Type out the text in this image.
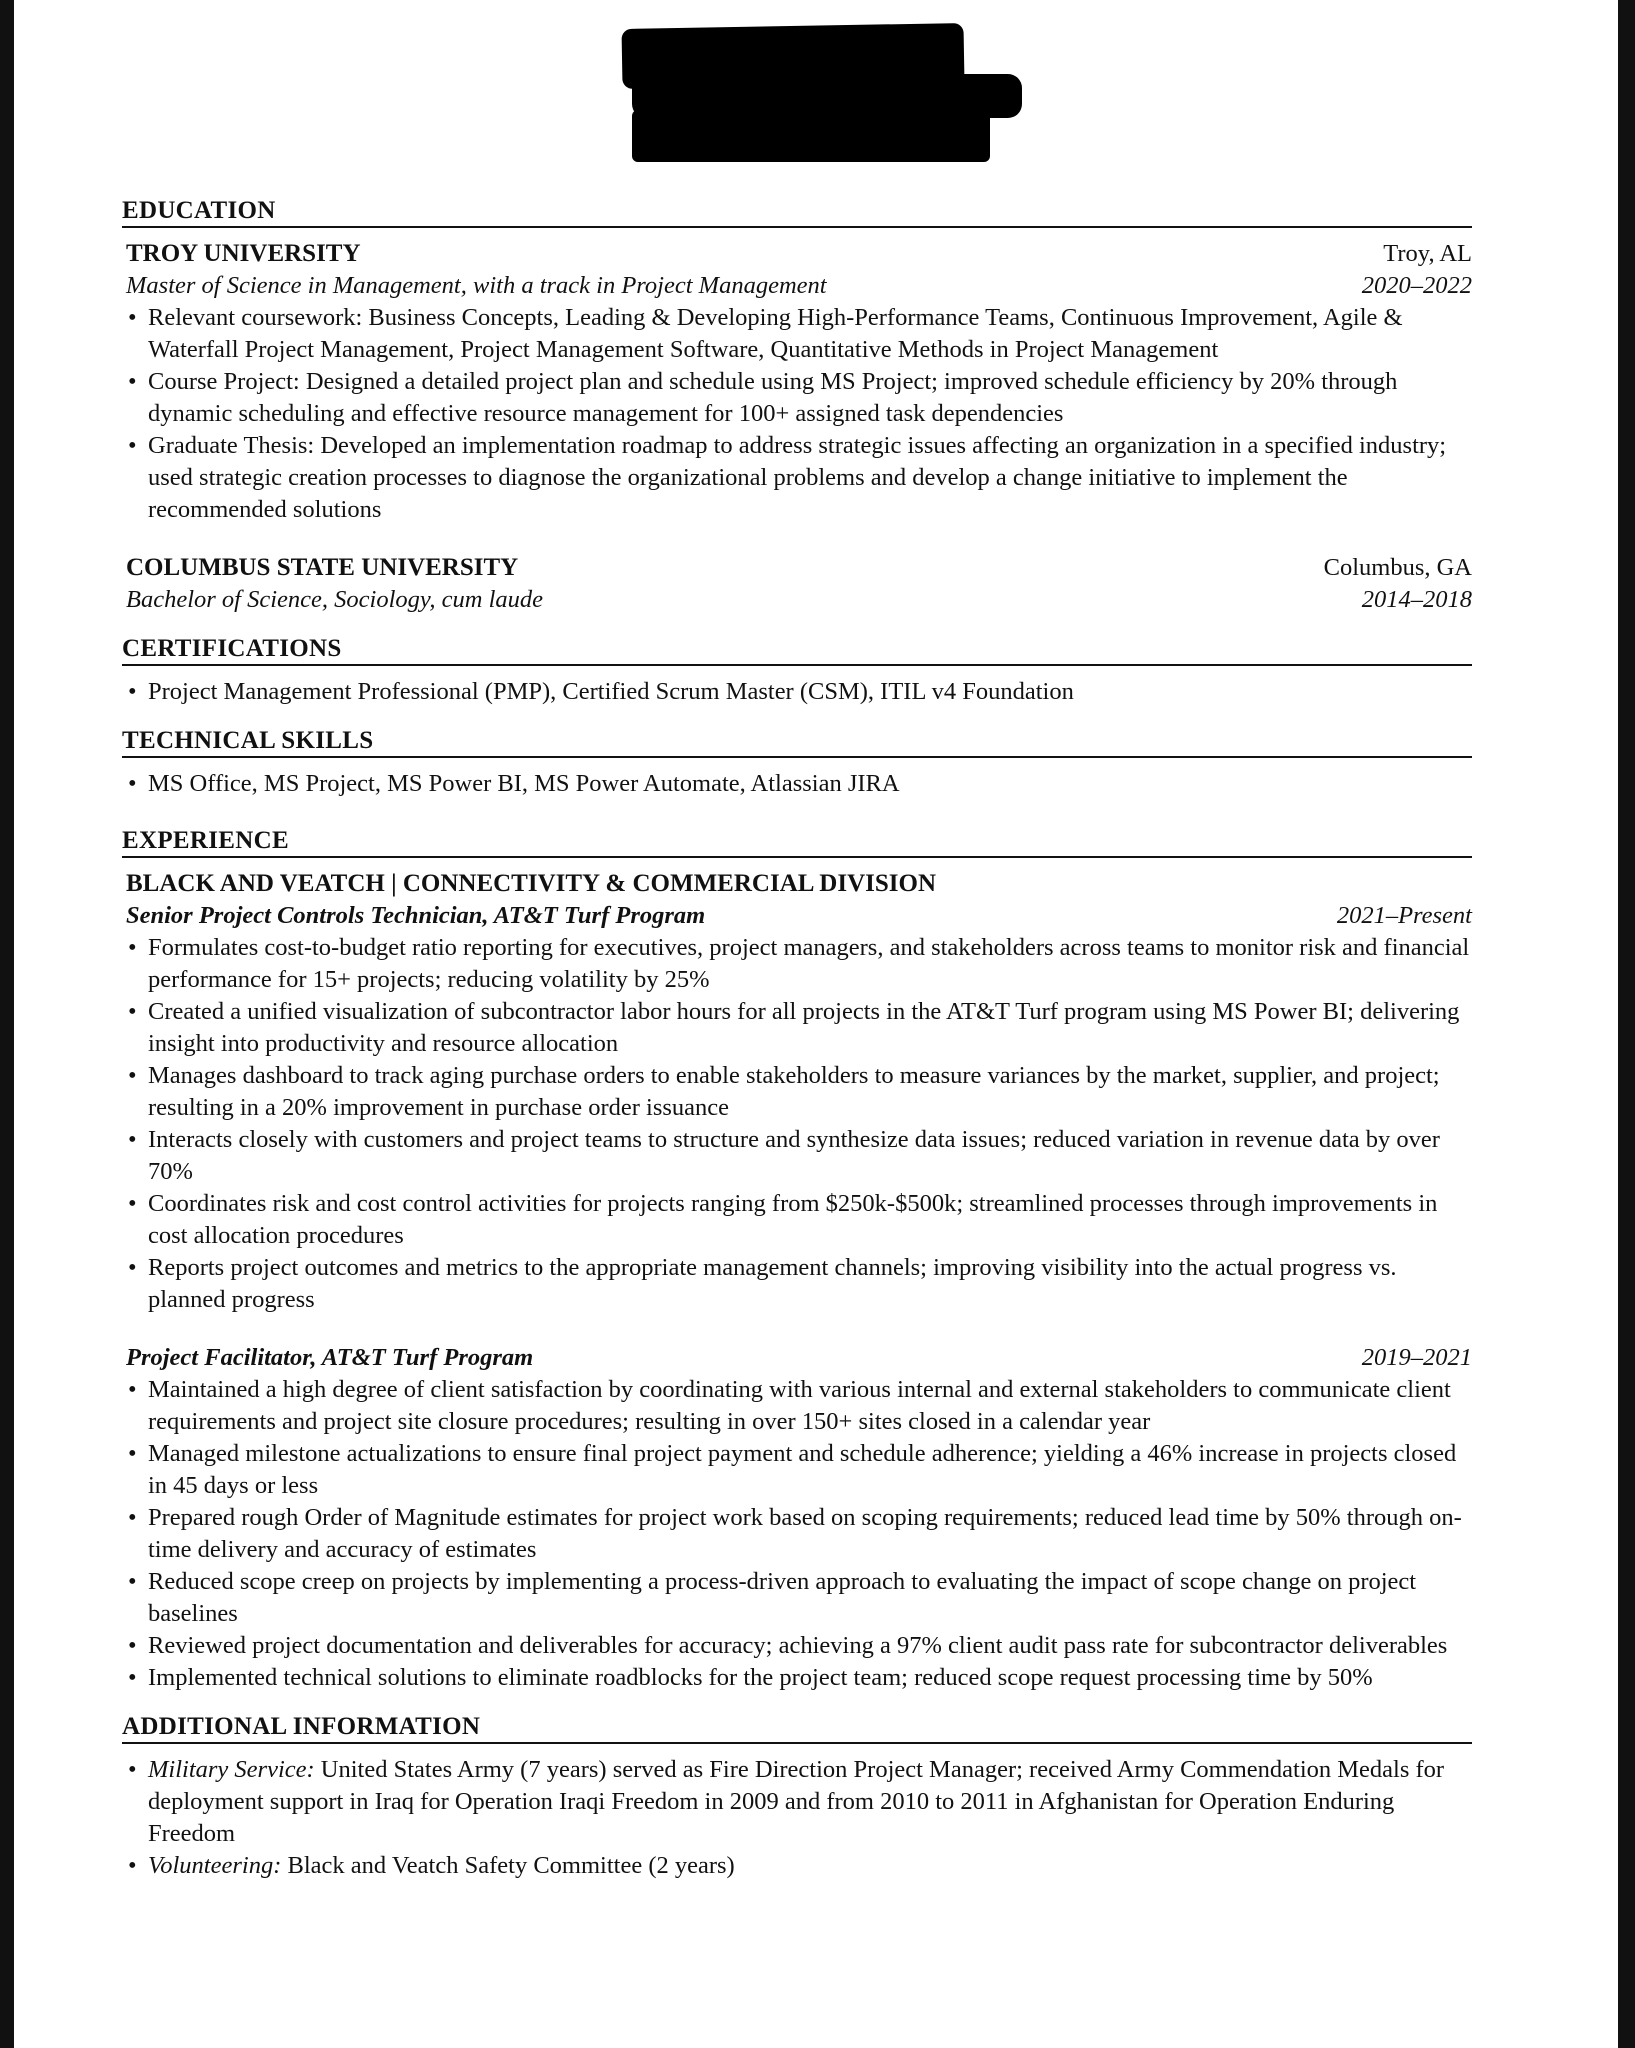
EDUCATION
TROY UNIVERSITY	Troy, AL
Master of Science in Management, with a track in Project Management	2020–2022
• Relevant coursework: Business Concepts, Leading & Developing High-Performance Teams, Continuous Improvement, Agile & Waterfall Project Management, Project Management Software, Quantitative Methods in Project Management
• Course Project: Designed a detailed project plan and schedule using MS Project; improved schedule efficiency by 20% through dynamic scheduling and effective resource management for 100+ assigned task dependencies
• Graduate Thesis: Developed an implementation roadmap to address strategic issues affecting an organization in a specified industry; used strategic creation processes to diagnose the organizational problems and develop a change initiative to implement the recommended solutions
COLUMBUS STATE UNIVERSITY	Columbus, GA
Bachelor of Science, Sociology, cum laude	2014–2018
CERTIFICATIONS
• Project Management Professional (PMP), Certified Scrum Master (CSM), ITIL v4 Foundation
TECHNICAL SKILLS
• MS Office, MS Project, MS Power BI, MS Power Automate, Atlassian JIRA
EXPERIENCE
BLACK AND VEATCH | CONNECTIVITY & COMMERCIAL DIVISION
Senior Project Controls Technician, AT&T Turf Program	2021–Present
• Formulates cost-to-budget ratio reporting for executives, project managers, and stakeholders across teams to monitor risk and financial performance for 15+ projects; reducing volatility by 25%
• Created a unified visualization of subcontractor labor hours for all projects in the AT&T Turf program using MS Power BI; delivering insight into productivity and resource allocation
• Manages dashboard to track aging purchase orders to enable stakeholders to measure variances by the market, supplier, and project; resulting in a 20% improvement in purchase order issuance
• Interacts closely with customers and project teams to structure and synthesize data issues; reduced variation in revenue data by over 70%
• Coordinates risk and cost control activities for projects ranging from $250k-$500k; streamlined processes through improvements in cost allocation procedures
• Reports project outcomes and metrics to the appropriate management channels; improving visibility into the actual progress vs. planned progress
Project Facilitator, AT&T Turf Program	2019–2021
• Maintained a high degree of client satisfaction by coordinating with various internal and external stakeholders to communicate client requirements and project site closure procedures; resulting in over 150+ sites closed in a calendar year
• Managed milestone actualizations to ensure final project payment and schedule adherence; yielding a 46% increase in projects closed in 45 days or less
• Prepared rough Order of Magnitude estimates for project work based on scoping requirements; reduced lead time by 50% through on-time delivery and accuracy of estimates
• Reduced scope creep on projects by implementing a process-driven approach to evaluating the impact of scope change on project baselines
• Reviewed project documentation and deliverables for accuracy; achieving a 97% client audit pass rate for subcontractor deliverables
• Implemented technical solutions to eliminate roadblocks for the project team; reduced scope request processing time by 50%
ADDITIONAL INFORMATION
• Military Service: United States Army (7 years) served as Fire Direction Project Manager; received Army Commendation Medals for deployment support in Iraq for Operation Iraqi Freedom in 2009 and from 2010 to 2011 in Afghanistan for Operation Enduring Freedom
• Volunteering: Black and Veatch Safety Committee (2 years)
